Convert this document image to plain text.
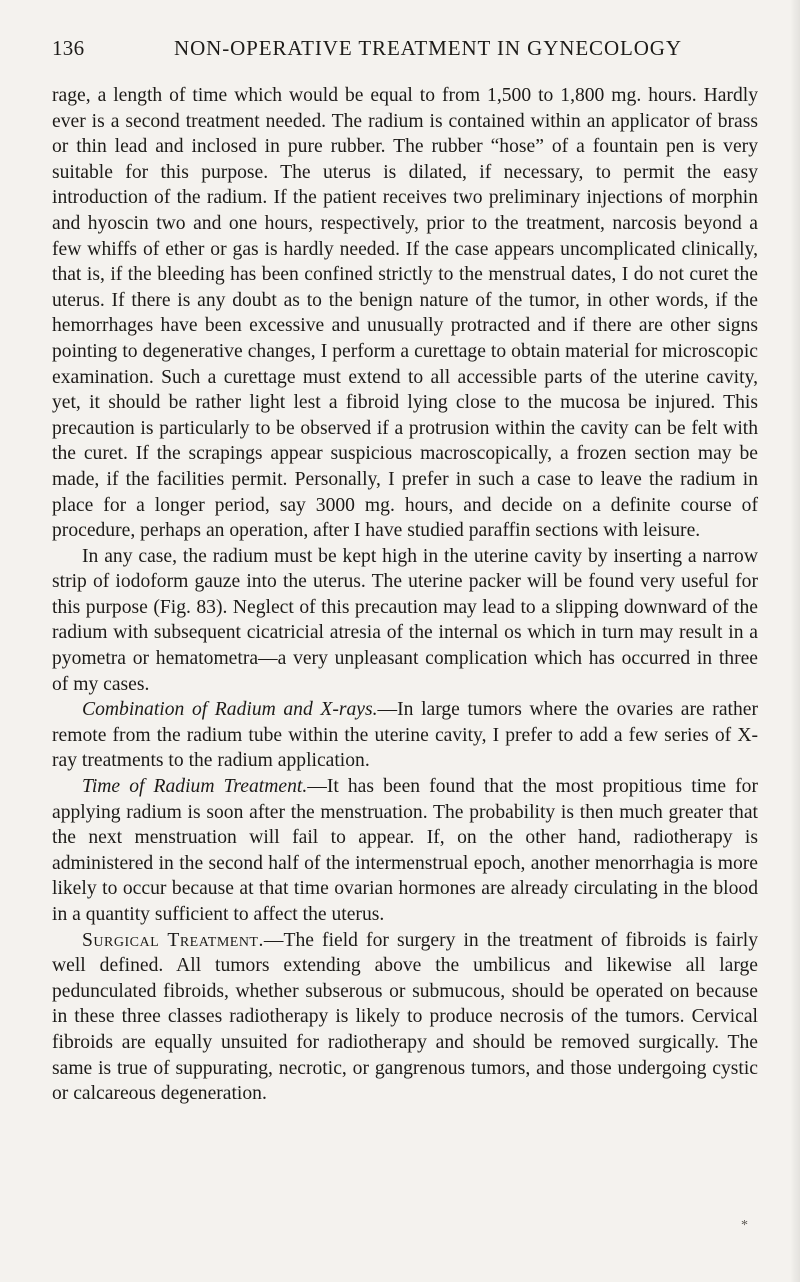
136	NON-OPERATIVE TREATMENT IN GYNECOLOGY

rage, a length of time which would be equal to from 1,500 to 1,800 mg. hours. Hardly ever is a second treatment needed. The radium is contained within an applicator of brass or thin lead and inclosed in pure rubber. The rubber “hose” of a fountain pen is very suitable for this purpose. The uterus is dilated, if necessary, to permit the easy introduction of the radium. If the patient receives two preliminary injections of morphin and hyoscin two and one hours, respectively, prior to the treatment, narcosis beyond a few whiffs of ether or gas is hardly needed. If the case appears uncomplicated clinically, that is, if the bleeding has been confined strictly to the menstrual dates, I do not curet the uterus. If there is any doubt as to the benign nature of the tumor, in other words, if the hemorrhages have been excessive and unusually protracted and if there are other signs pointing to degenerative changes, I perform a curettage to obtain material for microscopic examination. Such a curettage must extend to all accessible parts of the uterine cavity, yet, it should be rather light lest a fibroid lying close to the mucosa be injured. This precaution is particularly to be observed if a protrusion within the cavity can be felt with the curet. If the scrapings appear suspicious macroscopically, a frozen section may be made, if the facilities permit. Personally, I prefer in such a case to leave the radium in place for a longer period, say 3000 mg. hours, and decide on a definite course of procedure, perhaps an operation, after I have studied paraffin sections with leisure.

In any case, the radium must be kept high in the uterine cavity by inserting a narrow strip of iodoform gauze into the uterus. The uterine packer will be found very useful for this purpose (Fig. 83). Neglect of this precaution may lead to a slipping downward of the radium with subsequent cicatricial atresia of the internal os which in turn may result in a pyometra or hematometra—a very unpleasant complication which has occurred in three of my cases.

Combination of Radium and X-rays.—In large tumors where the ovaries are rather remote from the radium tube within the uterine cavity, I prefer to add a few series of X-ray treatments to the radium application.

Time of Radium Treatment.—It has been found that the most propitious time for applying radium is soon after the menstruation. The probability is then much greater that the next menstruation will fail to appear. If, on the other hand, radiotherapy is administered in the second half of the intermenstrual epoch, another menorrhagia is more likely to occur because at that time ovarian hormones are already circulating in the blood in a quantity sufficient to affect the uterus.

Surgical Treatment.—The field for surgery in the treatment of fibroids is fairly well defined. All tumors extending above the umbilicus and likewise all large pedunculated fibroids, whether subserous or submucous, should be operated on because in these three classes radiotherapy is likely to produce necrosis of the tumors. Cervical fibroids are equally unsuited for radiotherapy and should be removed surgically. The same is true of suppurating, necrotic, or gangrenous tumors, and those undergoing cystic or calcareous degeneration.

*
